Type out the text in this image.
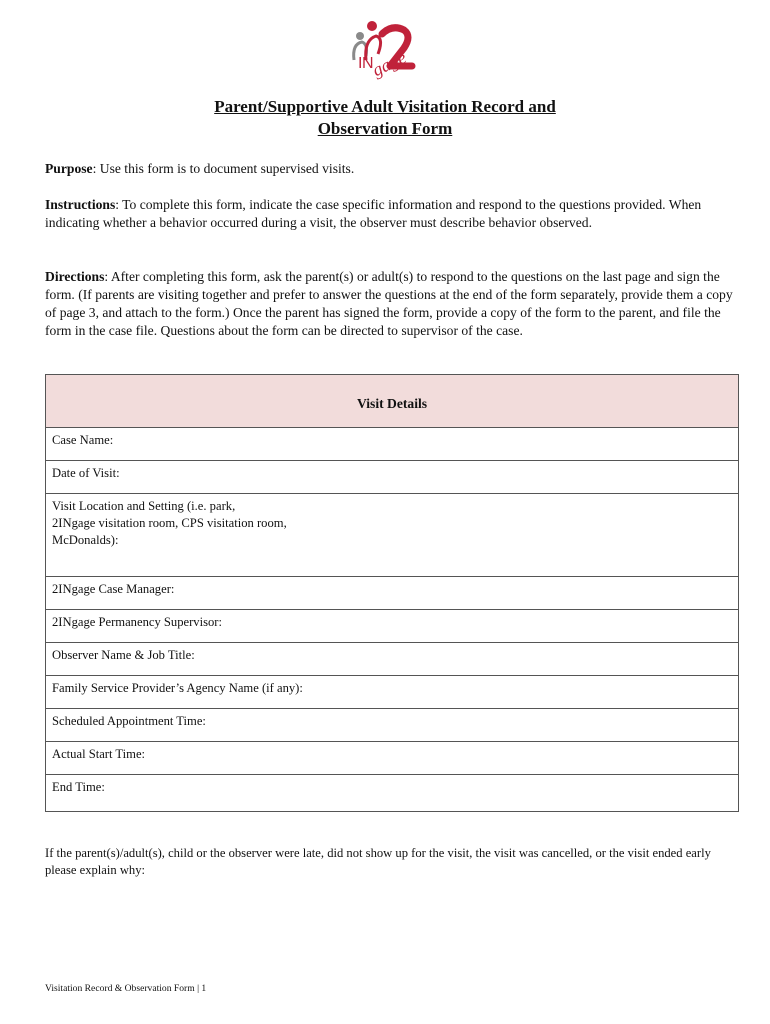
IN
gage
Parent/Supportive Adult Visitation Record and
Observation Form

Purpose: Use this form is to document supervised visits.

Instructions: To complete this form, indicate the case specific information and respond to the questions provided. When indicating whether a behavior occurred during a visit, the observer must describe behavior observed.

Directions: After completing this form, ask the parent(s) or adult(s) to respond to the questions on the last page and sign the form. (If parents are visiting together and prefer to answer the questions at the end of the form separately, provide them a copy of page 3, and attach to the form.) Once the parent has signed the form, provide a copy of the form to the parent, and file the form in the case file. Questions about the form can be directed to supervisor of the case.

Visit Details
Case Name:
Date of Visit:
Visit Location and Setting (i.e. park,
2INgage visitation room, CPS visitation room,
McDonalds):
2INgage Case Manager:
2INgage Permanency Supervisor:
Observer Name & Job Title:
Family Service Provider’s Agency Name (if any):
Scheduled Appointment Time:
Actual Start Time:
End Time:

If the parent(s)/adult(s), child or the observer were late, did not show up for the visit, the visit was cancelled, or the visit ended early please explain why:

Visitation Record & Observation Form | 1
